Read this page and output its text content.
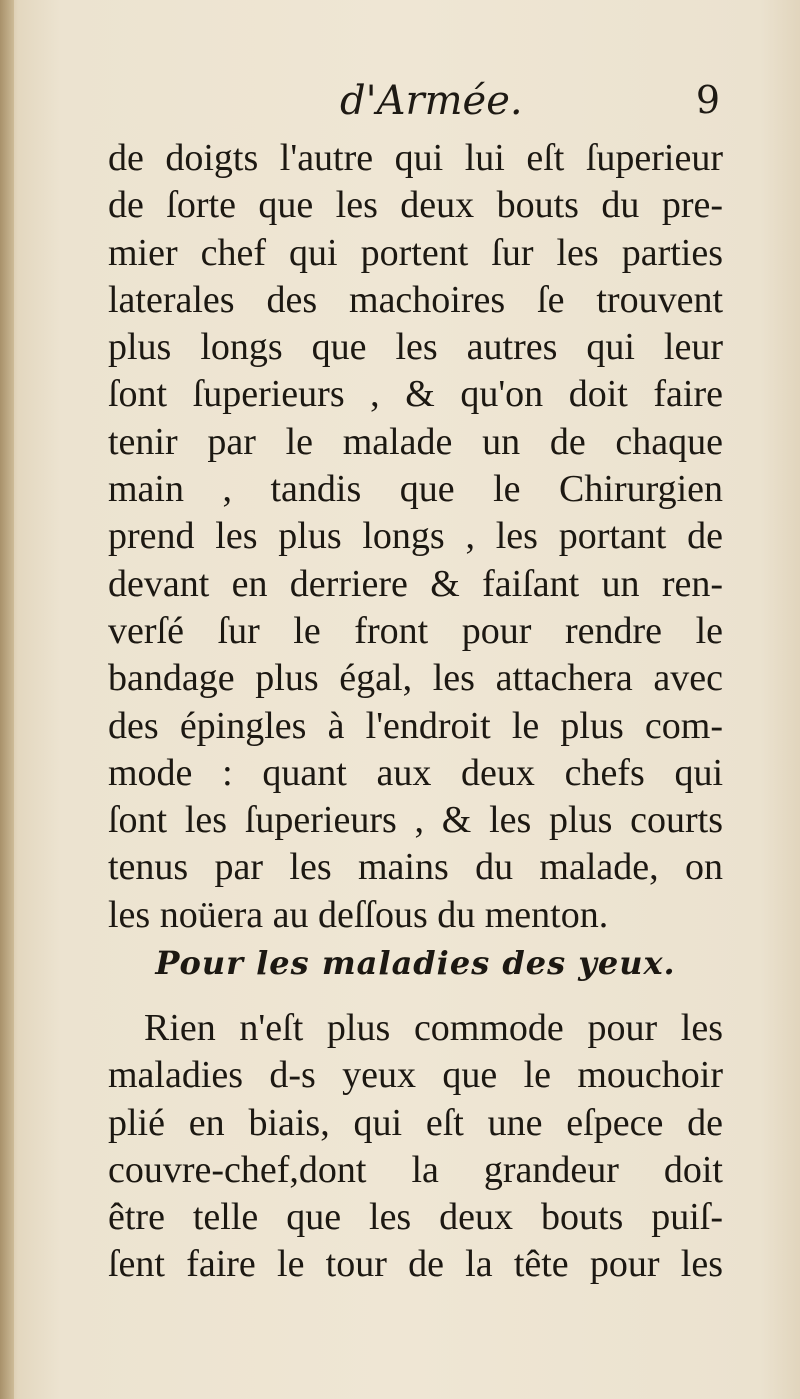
d'Armée.	9
de doigts l'autre qui lui eſt ſuperieur
de ſorte que les deux bouts du pre-
mier chef qui portent ſur les parties
laterales des machoires ſe trouvent
plus longs que les autres qui leur
ſont ſuperieurs , & qu'on doit faire
tenir par le malade un de chaque
main , tandis que le Chirurgien
prend les plus longs , les portant de
devant en derriere & faiſant un ren-
verſé ſur le front pour rendre le
bandage plus égal, les attachera avec
des épingles à l'endroit le plus com-
mode : quant aux deux chefs qui
ſont les ſuperieurs , & les plus courts
tenus par les mains du malade, on
les noüera au deſſous du menton.
Pour les maladies des yeux.
Rien n'eſt plus commode pour les
maladies d-s yeux que le mouchoir
plié en biais, qui eſt une eſpece de
couvre-chef,dont la grandeur doit
être telle que les deux bouts puiſ-
ſent faire le tour de la tête pour les
